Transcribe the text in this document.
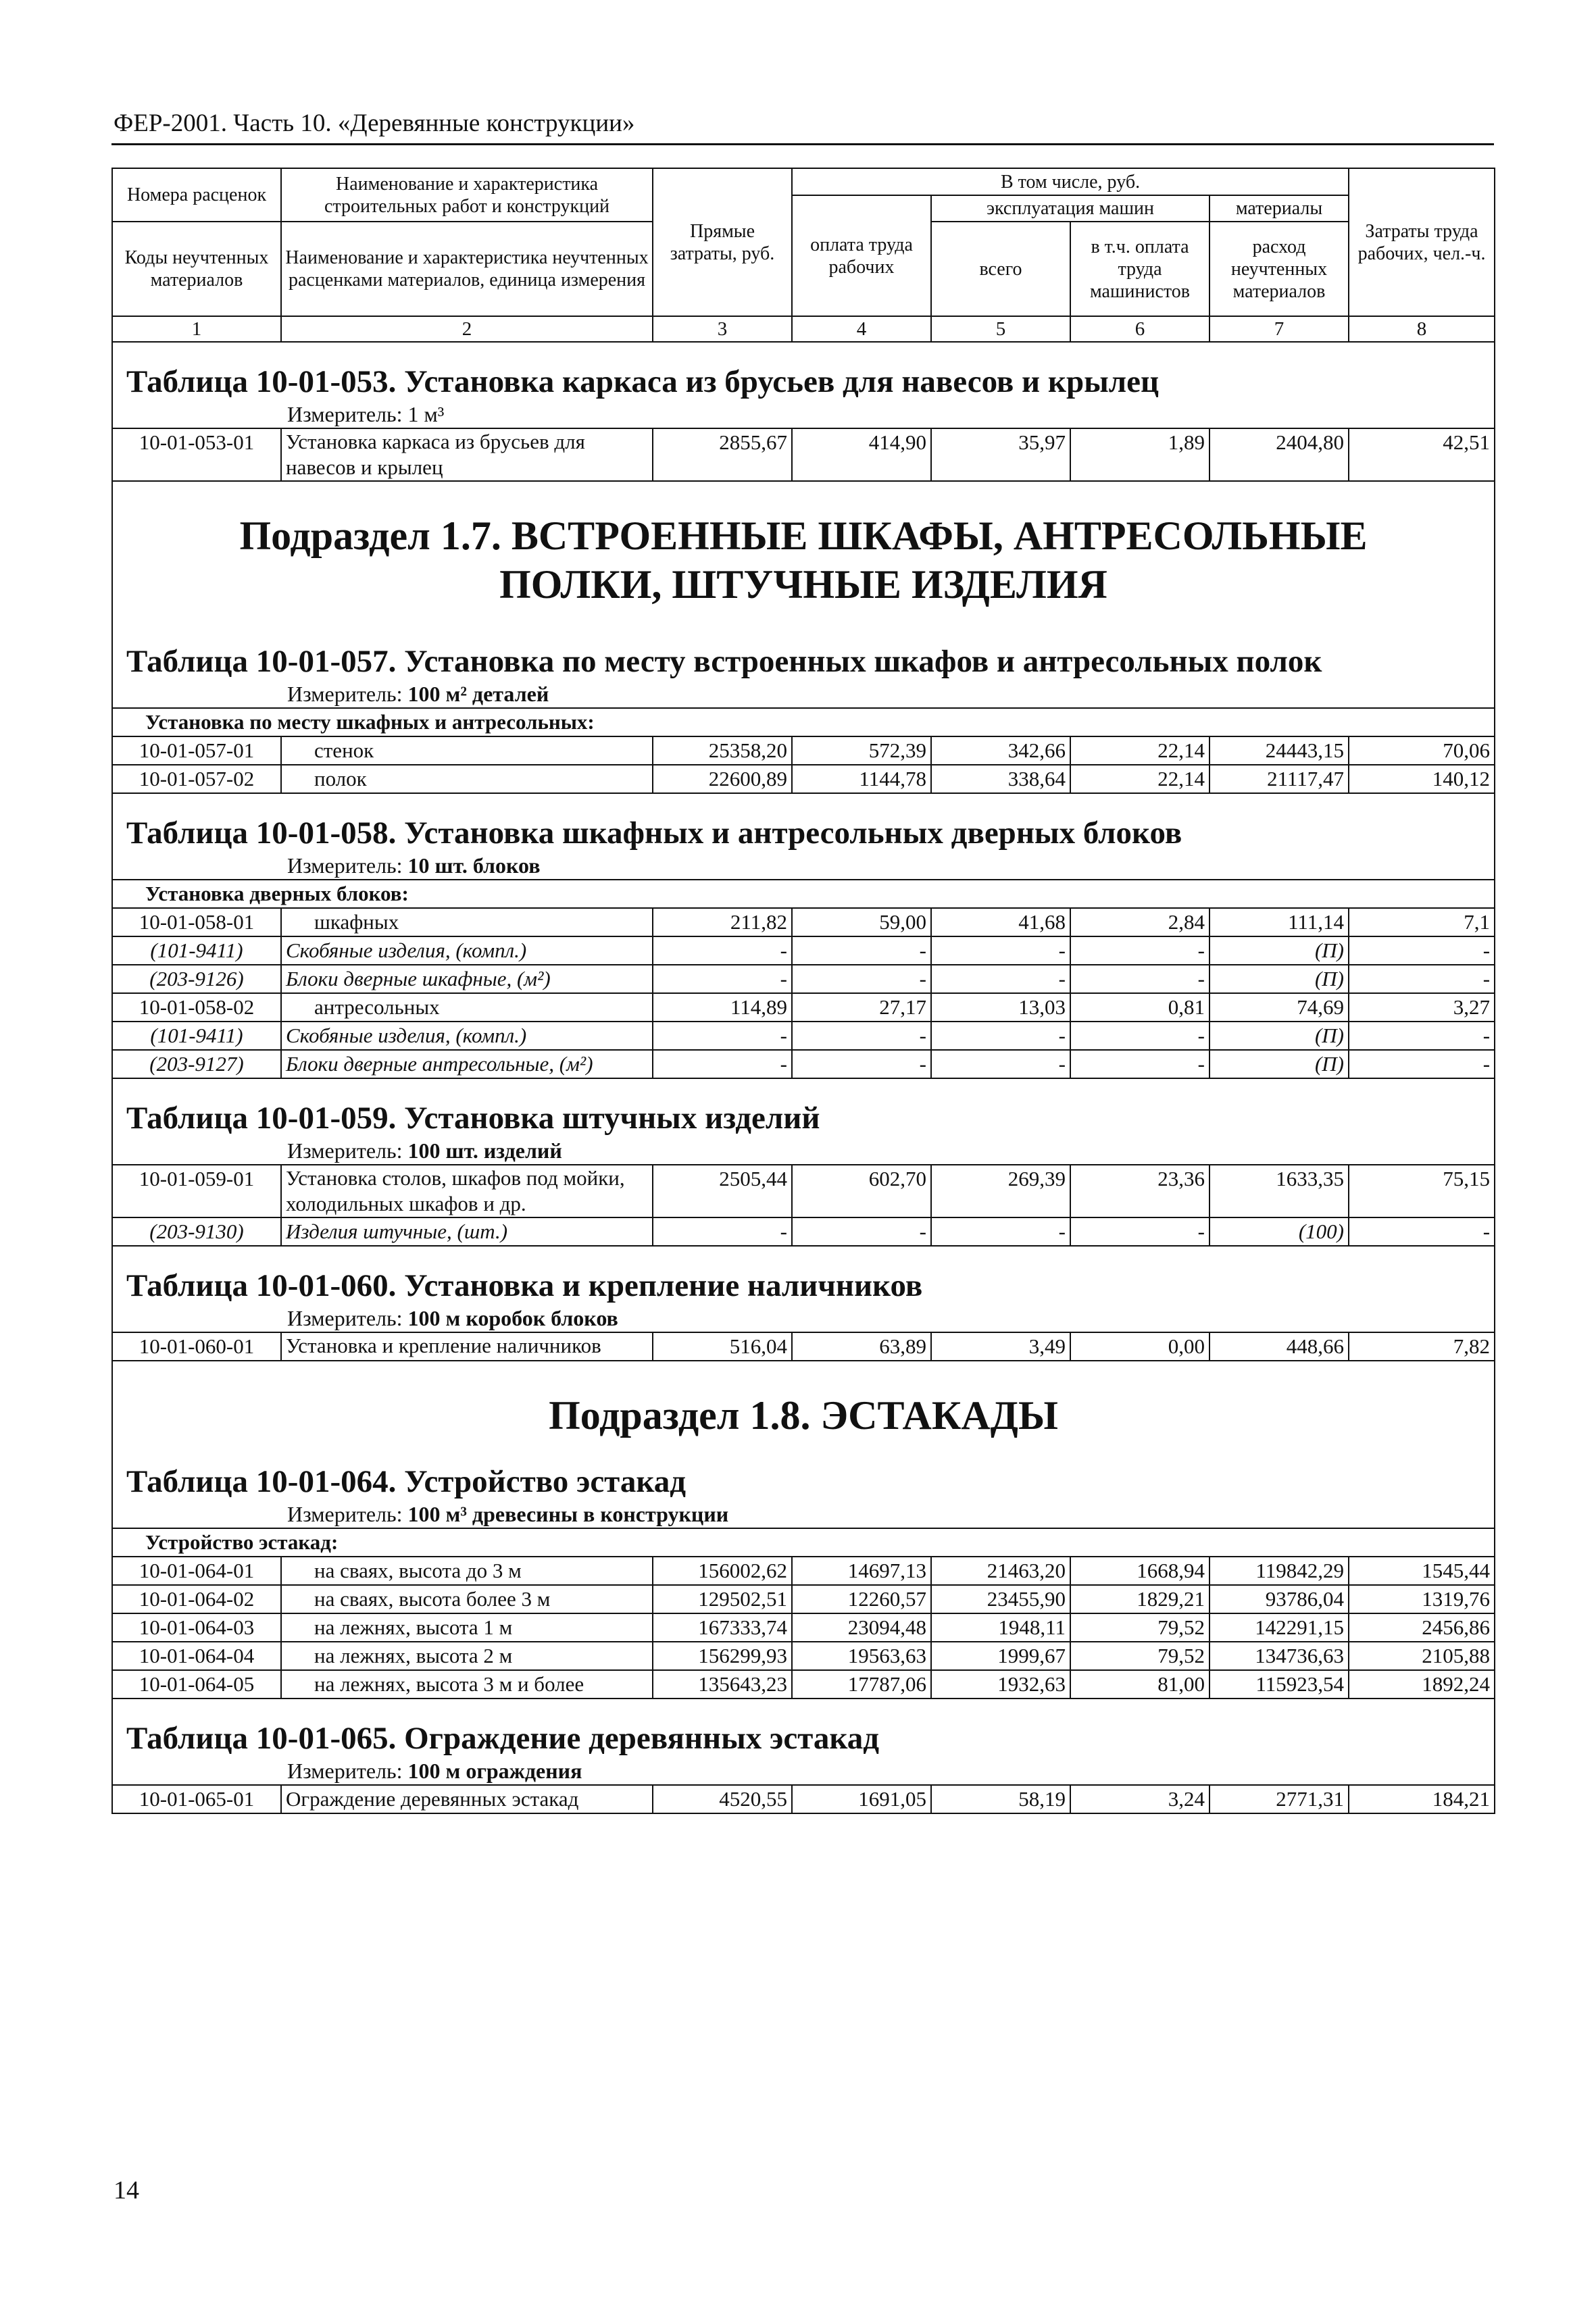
ФЕР-2001. Часть 10. «Деревянные конструкции»
Номера расценок	Наименование и характеристика строительных работ и конструкций	Прямые затраты, руб.	В том числе, руб.				Затраты труда рабочих, чел.-ч.
			оплата труда рабочих	эксплуатация машин		материалы	
Коды неучтенных материалов	Наименование и характеристика неучтенных расценками материалов, единица измерения			всего	в т.ч. оплата труда машинистов	расход неучтенных материалов	

1	2	3	4	5	6	7	8

Таблица 10-01-053. Установка каркаса из брусьев для навесов и крылец
Измеритель: 1 м³							

10-01-053-01	Установка каркаса из брусьев для навесов и крылец	2855,67	414,90	35,97	1,89	2404,80	42,51

Подраздел 1.7. ВСТРОЕННЫЕ ШКАФЫ, АНТРЕСОЛЬНЫЕ ПОЛКИ, ШТУЧНЫЕ ИЗДЕЛИЯ							

Таблица 10-01-057. Установка по месту встроенных шкафов и антресольных полок
Измеритель: 100 м² деталей							

Установка по месту шкафных и антресольных:							
10-01-057-01	стенок	25358,20	572,39	342,66	22,14	24443,15	70,06
10-01-057-02	полок	22600,89	1144,78	338,64	22,14	21117,47	140,12

Таблица 10-01-058. Установка шкафных и антресольных дверных блоков
Измеритель: 10 шт. блоков							

Установка дверных блоков:							
10-01-058-01	шкафных	211,82	59,00	41,68	2,84	111,14	7,1
(101-9411)	Скобяные изделия, (компл.)	-	-	-	-	(П)	-
(203-9126)	Блоки дверные шкафные, (м²)	-	-	-	-	(П)	-
10-01-058-02	антресольных	114,89	27,17	13,03	0,81	74,69	3,27
(101-9411)	Скобяные изделия, (компл.)	-	-	-	-	(П)	-
(203-9127)	Блоки дверные антресольные, (м²)	-	-	-	-	(П)	-

Таблица 10-01-059. Установка штучных изделий
Измеритель: 100 шт. изделий							

10-01-059-01	Установка столов, шкафов под мойки, холодильных шкафов и др.	2505,44	602,70	269,39	23,36	1633,35	75,15
(203-9130)	Изделия штучные, (шт.)	-	-	-	-	(100)	-

Таблица 10-01-060. Установка и крепление наличников
Измеритель: 100 м коробок блоков							

10-01-060-01	Установка и крепление наличников	516,04	63,89	3,49	0,00	448,66	7,82

Подраздел 1.8. ЭСТАКАДЫ							

Таблица 10-01-064. Устройство эстакад
Измеритель: 100 м³ древесины в конструкции							

Устройство эстакад:							
10-01-064-01	на сваях, высота до 3 м	156002,62	14697,13	21463,20	1668,94	119842,29	1545,44
10-01-064-02	на сваях, высота более 3 м	129502,51	12260,57	23455,90	1829,21	93786,04	1319,76
10-01-064-03	на лежнях, высота 1 м	167333,74	23094,48	1948,11	79,52	142291,15	2456,86
10-01-064-04	на лежнях, высота 2 м	156299,93	19563,63	1999,67	79,52	134736,63	2105,88
10-01-064-05	на лежнях, высота 3 м и более	135643,23	17787,06	1932,63	81,00	115923,54	1892,24

Таблица 10-01-065. Ограждение деревянных эстакад
Измеритель: 100 м ограждения							

10-01-065-01	Ограждение деревянных эстакад	4520,55	1691,05	58,19	3,24	2771,31	184,21
14
